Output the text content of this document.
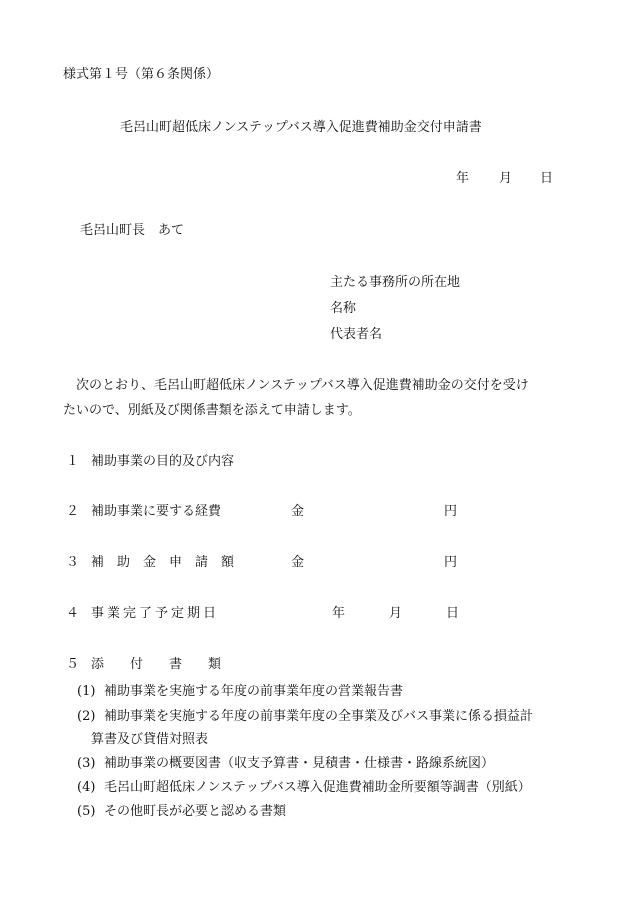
様式第１号（第６条関係）
毛呂山町超低床ノンステップバス導入促進費補助金交付申請書
年 月 日
毛呂山町長　あて
主たる事務所の所在地
名称
代表者名
次のとおり、毛呂山町超低床ノンステップバス導入促進費補助金の交付を受け
たいので、別紙及び関係書類を添えて申請します。
１ 補助事業の目的及び内容
２ 補助事業に要する経費	金	円
３ 補　助　金　申　請　額	金	円
４ 事業完了予定期日	年	月	日
５ 添　　付　　書　　類
(1) 補助事業を実施する年度の前事業年度の営業報告書
(2) 補助事業を実施する年度の前事業年度の全事業及びバス事業に係る損益計
算書及び貸借対照表
(3) 補助事業の概要図書（収支予算書・見積書・仕様書・路線系統図）
(4) 毛呂山町超低床ノンステップバス導入促進費補助金所要額等調書（別紙）
(5) その他町長が必要と認める書類
